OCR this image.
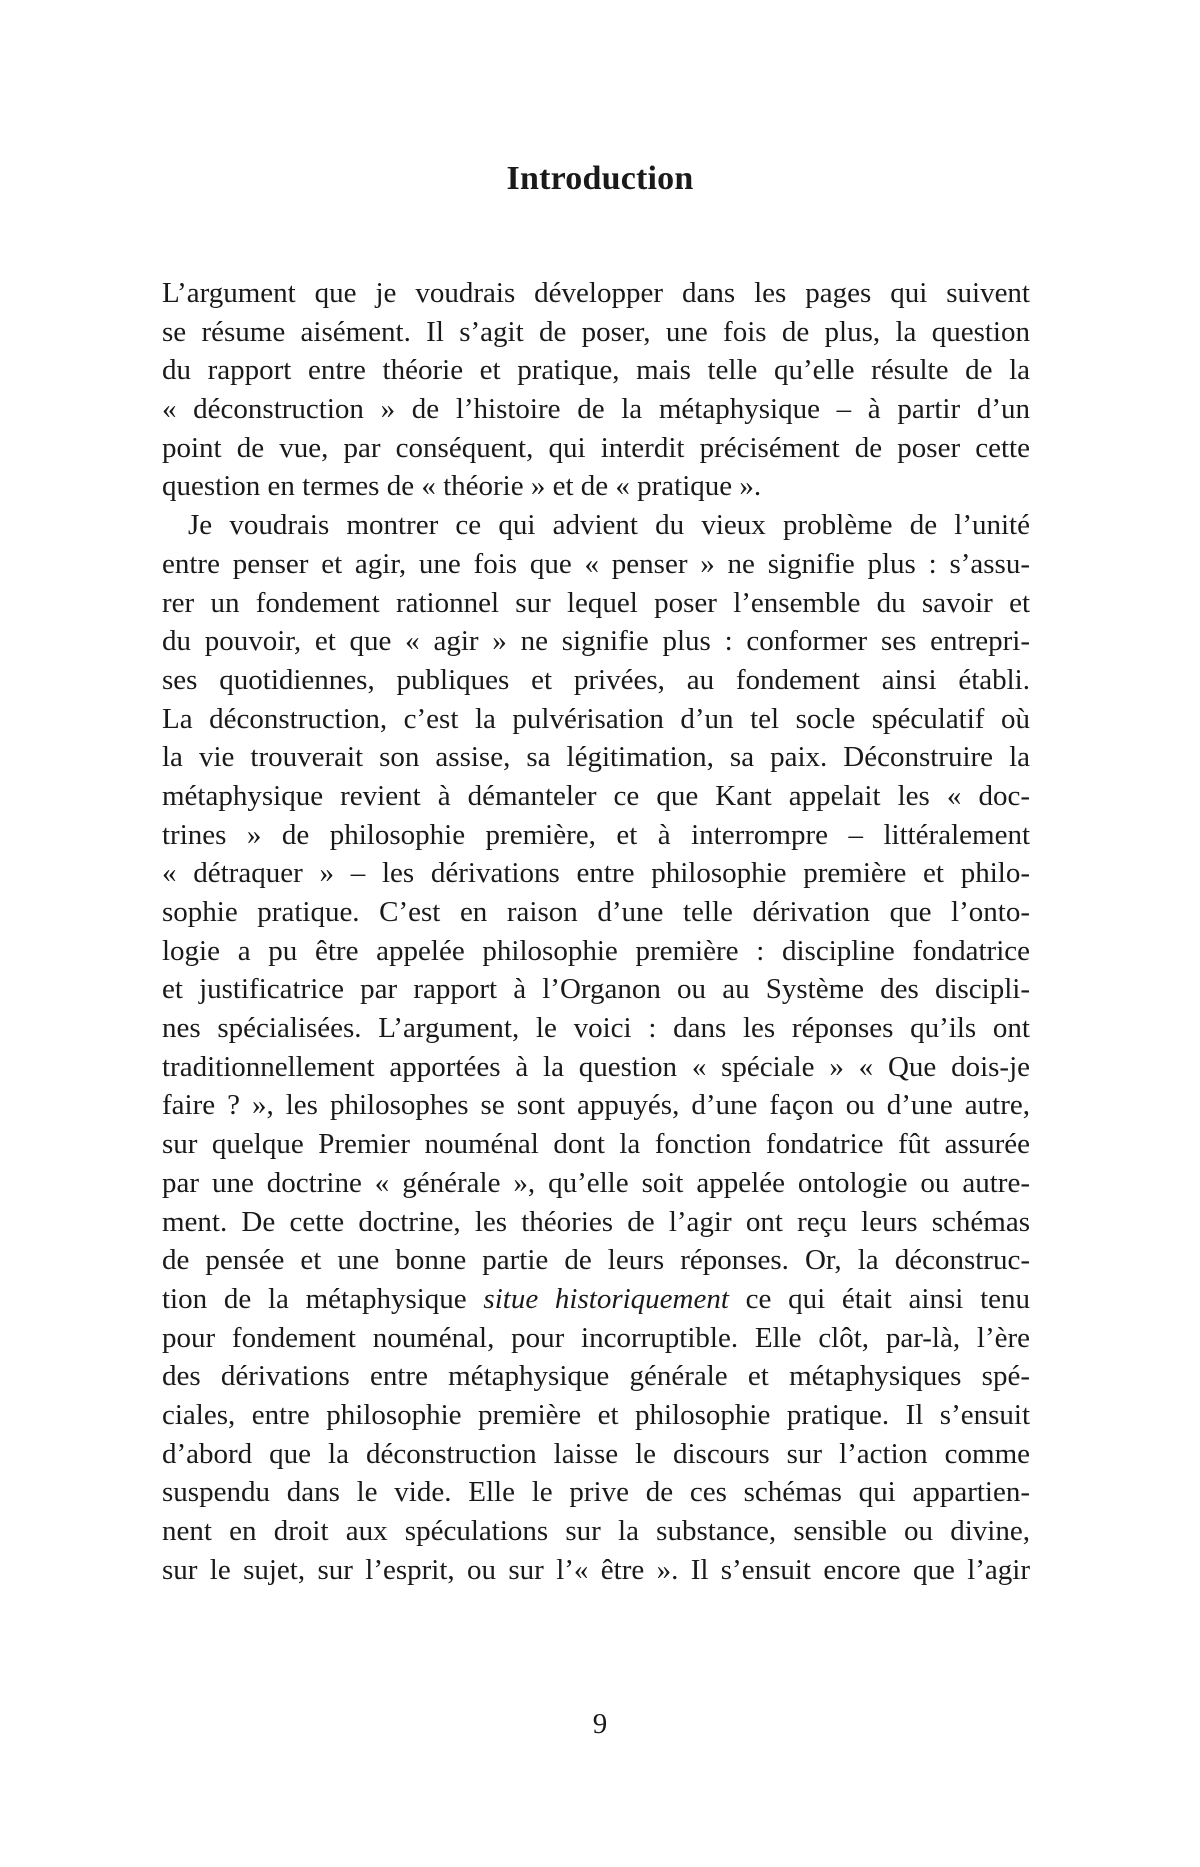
Introduction
L’argument que je voudrais développer dans les pages qui suivent
se résume aisément. Il s’agit de poser, une fois de plus, la question
du rapport entre théorie et pratique, mais telle qu’elle résulte de la
« déconstruction » de l’histoire de la métaphysique – à partir d’un
point de vue, par conséquent, qui interdit précisément de poser cette
question en termes de « théorie » et de « pratique ».
Je voudrais montrer ce qui advient du vieux problème de l’unité
entre penser et agir, une fois que « penser » ne signifie plus : s’assu-
rer un fondement rationnel sur lequel poser l’ensemble du savoir et
du pouvoir, et que « agir » ne signifie plus : conformer ses entrepri-
ses quotidiennes, publiques et privées, au fondement ainsi établi.
La déconstruction, c’est la pulvérisation d’un tel socle spéculatif où
la vie trouverait son assise, sa légitimation, sa paix. Déconstruire la
métaphysique revient à démanteler ce que Kant appelait les « doc-
trines » de philosophie première, et à interrompre – littéralement
« détraquer » – les dérivations entre philosophie première et philo-
sophie pratique. C’est en raison d’une telle dérivation que l’onto-
logie a pu être appelée philosophie première : discipline fondatrice
et justificatrice par rapport à l’Organon ou au Système des discipli-
nes spécialisées. L’argument, le voici : dans les réponses qu’ils ont
traditionnellement apportées à la question « spéciale » « Que dois-je
faire ? », les philosophes se sont appuyés, d’une façon ou d’une autre,
sur quelque Premier nouménal dont la fonction fondatrice fût assurée
par une doctrine « générale », qu’elle soit appelée ontologie ou autre-
ment. De cette doctrine, les théories de l’agir ont reçu leurs schémas
de pensée et une bonne partie de leurs réponses. Or, la déconstruc-
tion de la métaphysique situe historiquement ce qui était ainsi tenu
pour fondement nouménal, pour incorruptible. Elle clôt, par-là, l’ère
des dérivations entre métaphysique générale et métaphysiques spé-
ciales, entre philosophie première et philosophie pratique. Il s’ensuit
d’abord que la déconstruction laisse le discours sur l’action comme
suspendu dans le vide. Elle le prive de ces schémas qui appartien-
nent en droit aux spéculations sur la substance, sensible ou divine,
sur le sujet, sur l’esprit, ou sur l’« être ». Il s’ensuit encore que l’agir
9
